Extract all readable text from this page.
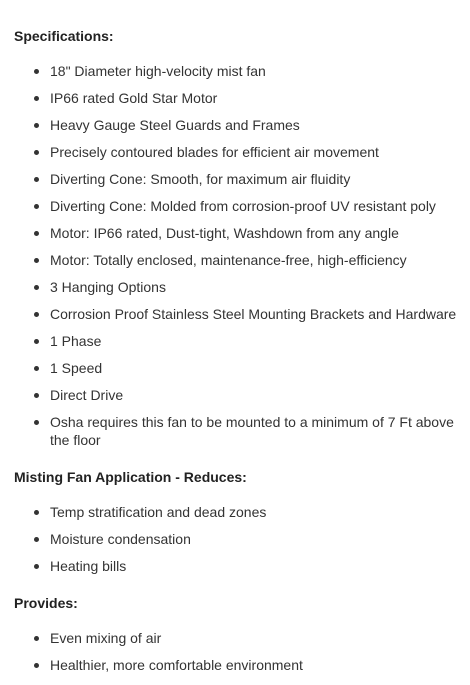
Specifications:
18" Diameter high-velocity mist fan
IP66 rated Gold Star Motor
Heavy Gauge Steel Guards and Frames
Precisely contoured blades for efficient air movement
Diverting Cone: Smooth, for maximum air fluidity
Diverting Cone: Molded from corrosion-proof UV resistant poly
Motor: IP66 rated, Dust-tight, Washdown from any angle
Motor: Totally enclosed, maintenance-free, high-efficiency
3 Hanging Options
Corrosion Proof Stainless Steel Mounting Brackets and Hardware
1 Phase
1 Speed
Direct Drive
Osha requires this fan to be mounted to a minimum of 7 Ft above the floor
Misting Fan Application - Reduces:
Temp stratification and dead zones
Moisture condensation
Heating bills
Provides:
Even mixing of air
Healthier, more comfortable environment
